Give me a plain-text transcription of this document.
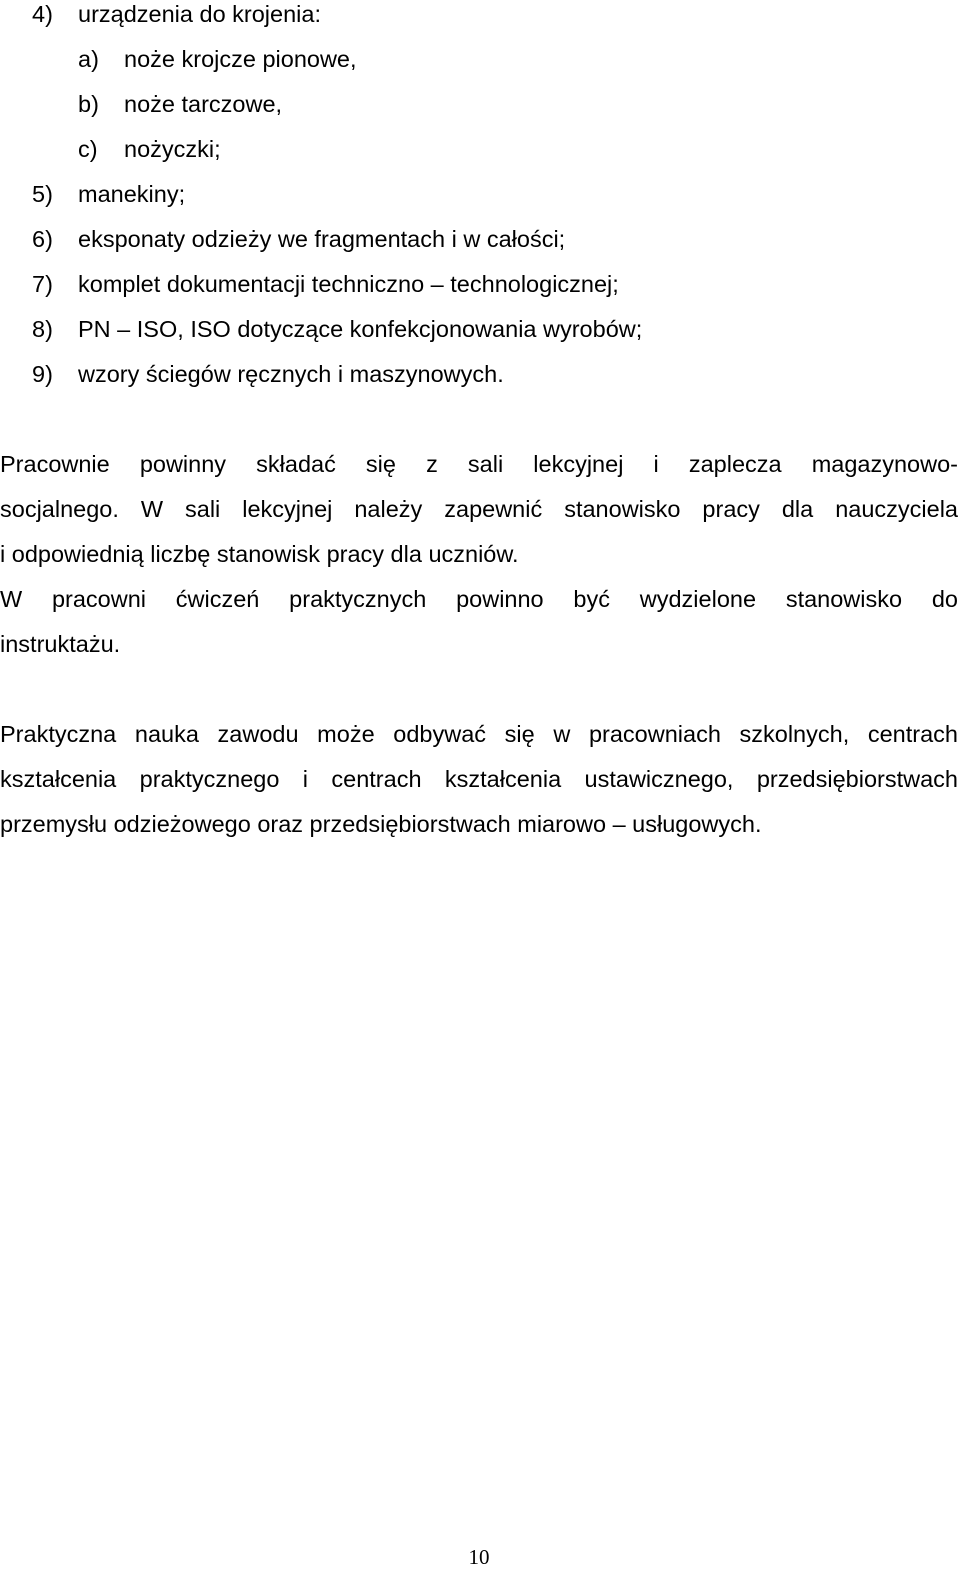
4) urządzenia do krojenia:
a) noże krojcze pionowe,
b) noże tarczowe,
c) nożyczki;
5) manekiny;
6) eksponaty odzieży we fragmentach i w całości;
7) komplet dokumentacji techniczno – technologicznej;
8) PN – ISO, ISO dotyczące konfekcjonowania wyrobów;
9) wzory ściegów ręcznych i maszynowych.
Pracownie powinny składać się z sali lekcyjnej i zaplecza magazynowo-
socjalnego. W sali lekcyjnej należy zapewnić stanowisko pracy dla nauczyciela
i odpowiednią liczbę stanowisk pracy dla uczniów.
W pracowni ćwiczeń praktycznych powinno być wydzielone stanowisko do
instruktażu.
Praktyczna nauka zawodu może odbywać się w pracowniach szkolnych, centrach
kształcenia praktycznego i centrach kształcenia ustawicznego, przedsiębiorstwach
przemysłu odzieżowego oraz przedsiębiorstwach miarowo – usługowych.
10
